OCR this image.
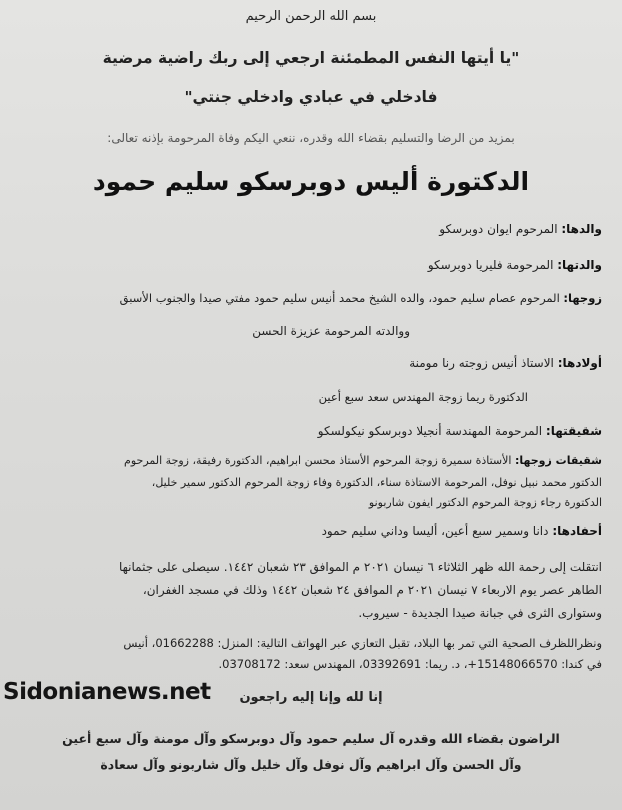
بسم الله الرحمن الرحيم
"يا أيتها النفس المطمئنة ارجعي إلى ربك راضية مرضية
فادخلي في عبادي وادخلي جنتي"
بمزيد من الرضا والتسليم بقضاء الله وقدره، ننعي اليكم وفاة المرحومة بإذنه تعالى:
الدكتورة أليس دوبرسكو سليم حمود
والدها: المرحوم ايوان دوبرسكو
والدتها: المرحومة فليريا دوبرسكو
زوجها: المرحوم عصام سليم حمود، والده الشيخ محمد أنيس سليم حمود مفتي صيدا والجنوب الأسبق
ووالدته المرحومة عزيزة الحسن
أولادها: الاستاذ أنيس زوجته رنا مومنة
الدكتورة ريما زوجة المهندس سعد سبع أعين
شقيقتها: المرحومة المهندسة أنجيلا دوبرسكو نيكولسكو
شقيقات زوجها: الأستاذة سميرة زوجة المرحوم الأستاذ محسن ابراهيم، الدكتورة رفيقة، زوجة المرحوم
الدكتور محمد نبيل نوفل، المرحومة الاستاذة سناء، الدكتورة وفاء زوجة المرحوم الدكتور سمير خليل،
الدكتورة رجاء زوجة المرحوم الدكتور ايفون شاربونو
أحفادها: دانا وسمير سبع أعين، أليسا وداني سليم حمود
انتقلت إلى رحمة الله ظهر الثلاثاء ٦ نيسان ٢٠٢١ م الموافق ٢٣ شعبان ١٤٤٢. سيصلى على جثمانها
الطاهر عصر يوم الاربعاء ٧ نيسان ٢٠٢١ م الموافق ٢٤ شعبان ١٤٤٢ وذلك في مسجد الغفران،
وستوارى الثرى في جبانة صيدا الجديدة - سيروب.
ونظراللظرف الصحية التي تمر بها البلاد، تقبل التعازي عبر الهواتف التالية: المنزل: 01662288، أنيس
في كندا: 15148066570+، د. ريما: 03392691، المهندس سعد: 03708172.
إنا لله وإنا إليه راجعون
الراضون بقضاء الله وقدره آل سليم حمود وآل دوبرسكو وآل مومنة وآل سبع أعين
وآل الحسن وآل ابراهيم وآل نوفل وآل خليل وآل شاربونو وآل سعادة
Sidonianews.net
